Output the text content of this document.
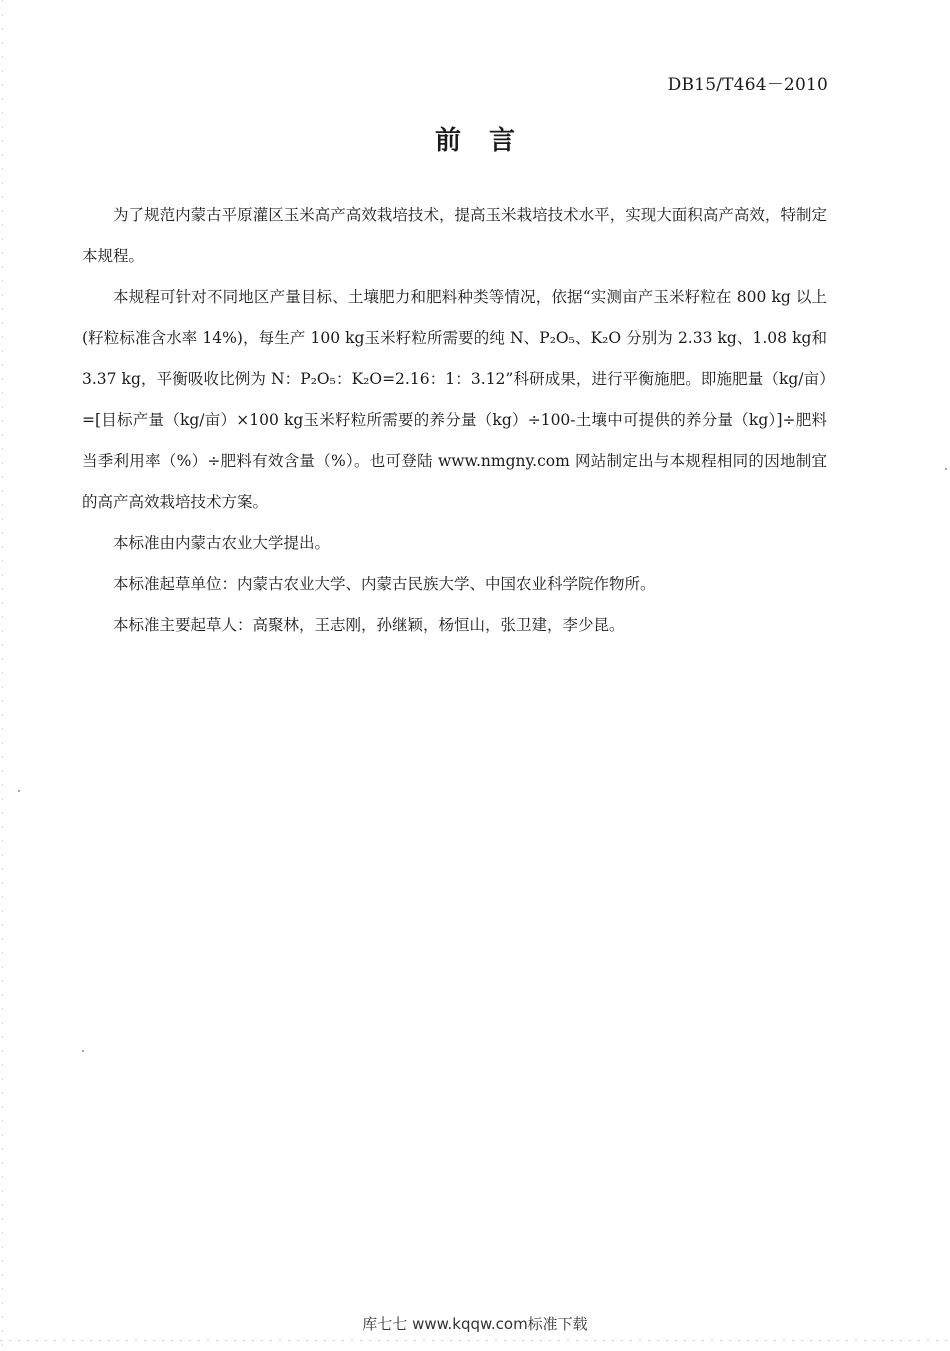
DB15/T464－2010
前言

为了规范内蒙古平原灌区玉米高产高效栽培技术，提高玉米栽培技术水平，实现大面积高产高效，特制定本规程。

本规程可针对不同地区产量目标、土壤肥力和肥料种类等情况，依据“实测亩产玉米籽粒在 800 kg 以上(籽粒标准含水率 14%)，每生产 100 kg玉米籽粒所需要的纯 N、P₂O₅、K₂O 分别为 2.33 kg、1.08 kg和 3.37 kg，平衡吸收比例为 N：P₂O₅：K₂O=2.16：1：3.12”科研成果，进行平衡施肥。即施肥量（kg/亩）=[目标产量（kg/亩）×100 kg玉米籽粒所需要的养分量（kg）÷100-土壤中可提供的养分量（kg）]÷肥料当季利用率（%）÷肥料有效含量（%）。也可登陆 www.nmgny.com 网站制定出与本规程相同的因地制宜的高产高效栽培技术方案。

本标准由内蒙古农业大学提出。

本标准起草单位：内蒙古农业大学、内蒙古民族大学、中国农业科学院作物所。

本标准主要起草人：高聚林，王志刚，孙继颖，杨恒山，张卫建，李少昆。

库七七 www.kqqw.com标准下载
